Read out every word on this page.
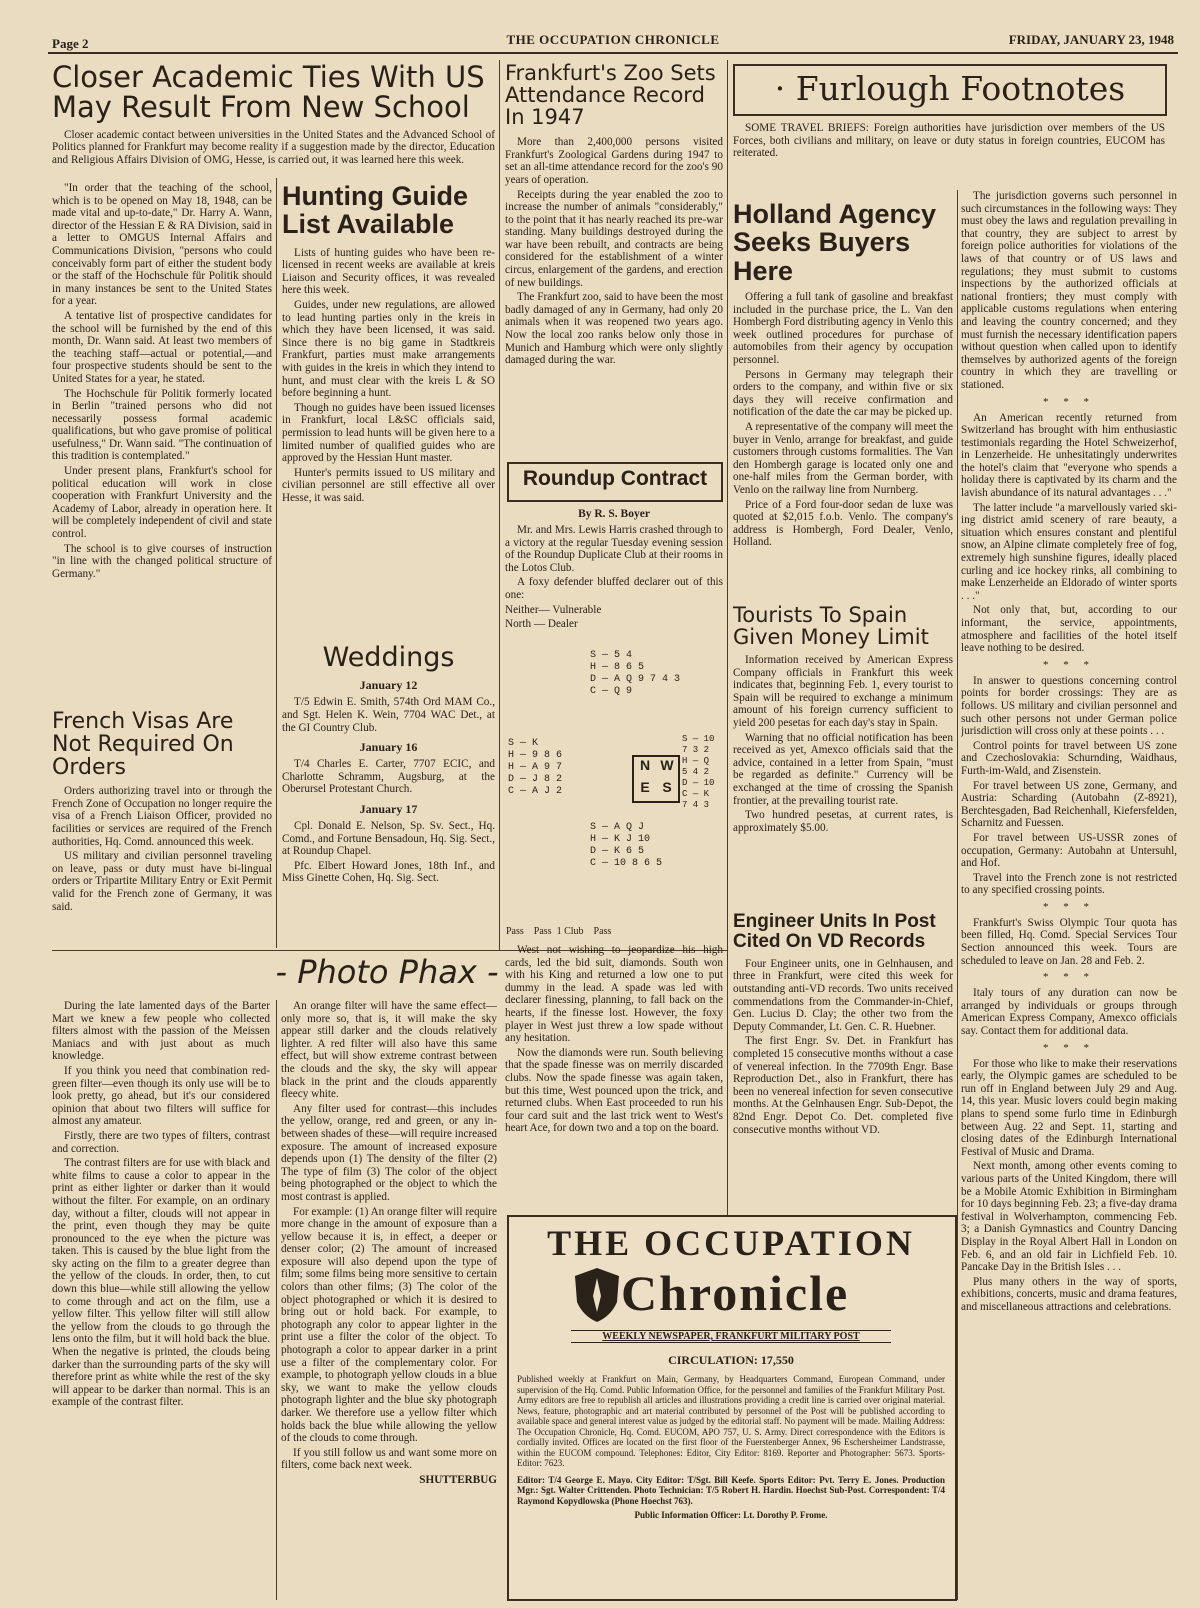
Page 2	THE OCCUPATION CHRONICLE	FRIDAY, JANUARY 23, 1948
Closer Academic Ties With US May Result From New School

Closer academic contact between universities in the United States and the Advanced School of Politics planned for Frankfurt may become reality if a suggestion made by the director, Education and Religious Affairs Division of OMG, Hesse, is carried out, it was learned here this week.

"In order that the teaching of the school, which is to be opened on May 18, 1948, can be made vital and up-to-date," Dr. Harry A. Wann, director of the Hessian E & RA Division, said in a letter to OMGUS Internal Affairs and Communications Division, "persons who could conceivably form part of either the student body or the staff of the Hochschule für Politik should in many instances be sent to the United States for a year.

A tentative list of prospective candidates for the school will be furnished by the end of this month, Dr. Wann said. At least two members of the teaching staff—actual or potential,—and four prospective students should be sent to the United States for a year, he stated.

The Hochschule für Politik formerly located in Berlin "trained persons who did not necessarily possess formal academic qualifications, but who gave promise of political usefulness," Dr. Wann said. "The continuation of this tradition is contemplated."

Under present plans, Frankfurt's school for political education will work in close cooperation with Frankfurt University and the Academy of Labor, already in operation here. It will be completely independent of civil and state control.

The school is to give courses of instruction "in line with the changed political structure of Germany."

Hunting Guide List Available

Lists of hunting guides who have been re-licensed in recent weeks are available at kreis Liaison and Security offices, it was revealed here this week.

Guides, under new regulations, are allowed to lead hunting parties only in the kreis in which they have been licensed, it was said. Since there is no big game in Stadtkreis Frankfurt, parties must make arrangements with guides in the kreis in which they intend to hunt, and must clear with the kreis L & SO before beginning a hunt.

Though no guides have been issued licenses in Frankfurt, local L&SC officials said, permission to lead hunts will be given here to a limited number of qualified guides who are approved by the Hessian Hunt master.

Hunter's permits issued to US military and civilian personnel are still effective all over Hesse, it was said.

French Visas Are Not Required On Orders

Orders authorizing travel into or through the French Zone of Occupation no longer require the visa of a French Liaison Officer, provided no facilities or services are required of the French authorities, Hq. Comd. announced this week.

US military and civilian personnel traveling on leave, pass or duty must have bi-lingual orders or Tripartite Military Entry or Exit Permit valid for the French zone of Germany, it was said.

Weddings
January 12

T/5 Edwin E. Smith, 574th Ord MAM Co., and Sgt. Helen K. Wein, 7704 WAC Det., at the GI Country Club.

January 16

T/4 Charles E. Carter, 7707 ECIC, and Charlotte Schramm, Augsburg, at the Oberursel Protestant Church.

January 17

Cpl. Donald E. Nelson, Sp. Sv. Sect., Hq. Comd., and Fortune Bensadoun, Hq. Sig. Sect., at Roundup Chapel.

Pfc. Elbert Howard Jones, 18th Inf., and Miss Ginette Cohen, Hq. Sig. Sect.

Frankfurt's Zoo Sets Attendance Record In 1947

More than 2,400,000 persons visited Frankfurt's Zoological Gardens during 1947 to set an all-time attendance record for the zoo's 90 years of operation.

Receipts during the year enabled the zoo to increase the number of animals "considerably," to the point that it has nearly reached its pre-war standing. Many buildings destroyed during the war have been rebuilt, and contracts are being considered for the establishment of a winter circus, enlargement of the gardens, and erection of new buildings.

The Frankfurt zoo, said to have been the most badly damaged of any in Germany, had only 20 animals when it was reopened two years ago. Now the local zoo ranks below only those in Munich and Hamburg which were only slightly damaged during the war.

Roundup Contract
By R. S. Boyer

Mr. and Mrs. Lewis Harris crashed through to a victory at the regular Tuesday evening session of the Roundup Duplicate Club at their rooms in the Lotos Club.

A foxy defender bluffed declarer out of this one:

Neither— Vulnerable

North — Dealer

S — 5 4
H — 8 6 5
D — A Q 9 7 4 3
C — Q 9
S — K
H — 9 8 6
H — A 9 7
D — J 8 2
C — A J 2
N W
E S
S — 10
7 3 2
H — Q
5 4 2
D — 10
C — K
7 4 3
S — A Q J
H — K J 10
D — K 6 5
C — 10 8 6 5

Pass    Pass  1 Club    Pass

West not wishing to jeopardize his high cards, led the bid suit, diamonds. South won with his King and returned a low one to put dummy in the lead. A spade was led with declarer finessing, planning, to fall back on the hearts, if the finesse lost. However, the foxy player in West just threw a low spade without any hesitation.

Now the diamonds were run. South believing that the spade finesse was on merrily discarded clubs. Now the spade finesse was again taken, but this time, West pounced upon the trick, and returned clubs. When East proceeded to run his four card suit and the last trick went to West's heart Ace, for down two and a top on the board.

· Furlough Footnotes

SOME TRAVEL BRIEFS: Foreign authorities have jurisdiction over members of the US Forces, both civilians and military, on leave or duty status in foreign countries, EUCOM has reiterated.

The jurisdiction governs such personnel in such circumstances in the following ways: They must obey the laws and regulation prevailing in that country, they are subject to arrest by foreign police authorities for violations of the laws of that country or of US laws and regulations; they must submit to customs inspections by the authorized officials at national frontiers; they must comply with applicable customs regulations when entering and leaving the country concerned; and they must furnish the necessary identification papers without question when called upon to identify themselves by authorized agents of the foreign country in which they are travelling or stationed.

* * *

An American recently returned from Switzerland has brought with him enthusiastic testimonials regarding the Hotel Schweizerhof, in Lenzerheide. He unhesitatingly underwrites the hotel's claim that "everyone who spends a holiday there is captivated by its charm and the lavish abundance of its natural advantages . . ."

The latter include "a marvellously varied ski-ing district amid scenery of rare beauty, a situation which ensures constant and plentiful snow, an Alpine climate completely free of fog, extremely high sunshine figures, ideally placed curling and ice hockey rinks, all combining to make Lenzerheide an Eldorado of winter sports . . ."

Not only that, but, according to our informant, the service, appointments, atmosphere and facilities of the hotel itself leave nothing to be desired.

* * *

In answer to questions concerning control points for border crossings: They are as follows. US military and civilian personnel and such other persons not under German police jurisdiction will cross only at these points . . .

Control points for travel between US zone and Czechoslovakia: Schurnding, Waidhaus, Furth-im-Wald, and Zisenstein.

For travel between US zone, Germany, and Austria: Scharding (Autobahn (Z-8921), Berchtesgaden, Bad Reichenhall, Kiefersfelden, Scharnitz and Fuessen.

For travel between US-USSR zones of occupation, Germany: Autobahn at Untersuhl, and Hof.

Travel into the French zone is not restricted to any specified crossing points.

* * *

Frankfurt's Swiss Olympic Tour quota has been filled, Hq. Comd. Special Services Tour Section announced this week. Tours are scheduled to leave on Jan. 28 and Feb. 2.

* * *

Italy tours of any duration can now be arranged by individuals or groups through American Express Company, Amexco officials say. Contact them for additional data.

* * *

For those who like to make their reservations early, the Olympic games are scheduled to be run off in England between July 29 and Aug. 14, this year. Music lovers could begin making plans to spend some furlo time in Edinburgh between Aug. 22 and Sept. 11, starting and closing dates of the Edinburgh International Festival of Music and Drama.

Next month, among other events coming to various parts of the United Kingdom, there will be a Mobile Atomic Exhibition in Birmingham for 10 days beginning Feb. 23; a five-day drama festival in Wolverhampton, commencing Feb. 3; a Danish Gymnastics and Country Dancing Display in the Royal Albert Hall in London on Feb. 6, and an old fair in Lichfield Feb. 10. Pancake Day in the British Isles . . .

Plus many others in the way of sports, exhibitions, concerts, music and drama features, and miscellaneous attractions and celebrations.

Holland Agency Seeks Buyers Here

Offering a full tank of gasoline and breakfast included in the purchase price, the L. Van den Hombergh Ford distributing agency in Venlo this week outlined procedures for purchase of automobiles from their agency by occupation personnel.

Persons in Germany may telegraph their orders to the company, and within five or six days they will receive confirmation and notification of the date the car may be picked up.

A representative of the company will meet the buyer in Venlo, arrange for breakfast, and guide customers through customs formalities. The Van den Hombergh garage is located only one and one-half miles from the German border, with Venlo on the railway line from Nurnberg.

Price of a Ford four-door sedan de luxe was quoted at $2,015 f.o.b. Venlo. The company's address is Hombergh, Ford Dealer, Venlo, Holland.

Tourists To Spain Given Money Limit

Information received by American Express Company officials in Frankfurt this week indicates that, beginning Feb. 1, every tourist to Spain will be required to exchange a minimum amount of his foreign currency sufficient to yield 200 pesetas for each day's stay in Spain.

Warning that no official notification has been received as yet, Amexco officials said that the advice, contained in a letter from Spain, "must be regarded as definite." Currency will be exchanged at the time of crossing the Spanish frontier, at the prevailing tourist rate.

Two hundred pesetas, at current rates, is approximately $5.00.

Engineer Units In Post Cited On VD Records

Four Engineer units, one in Gelnhausen, and three in Frankfurt, were cited this week for outstanding anti-VD records. Two units received commendations from the Commander-in-Chief, Gen. Lucius D. Clay; the other two from the Deputy Commander, Lt. Gen. C. R. Huebner.

The first Engr. Sv. Det. in Frankfurt has completed 15 consecutive months without a case of venereal infection. In the 7709th Engr. Base Reproduction Det., also in Frankfurt, there has been no venereal infection for seven consecutive months. At the Gelnhausen Engr. Sub-Depot, the 82nd Engr. Depot Co. Det. completed five consecutive months without VD.

- Photo Phax -

During the late lamented days of the Barter Mart we knew a few people who collected filters almost with the passion of the Meissen Maniacs and with just about as much knowledge.

If you think you need that combination red-green filter—even though its only use will be to look pretty, go ahead, but it's our considered opinion that about two filters will suffice for almost any amateur.

Firstly, there are two types of filters, contrast and correction.

The contrast filters are for use with black and white films to cause a color to appear in the print as either lighter or darker than it would without the filter. For example, on an ordinary day, without a filter, clouds will not appear in the print, even though they may be quite pronounced to the eye when the picture was taken. This is caused by the blue light from the sky acting on the film to a greater degree than the yellow of the clouds. In order, then, to cut down this blue—while still allowing the yellow to come through and act on the film, use a yellow filter. This yellow filter will still allow the yellow from the clouds to go through the lens onto the film, but it will hold back the blue. When the negative is printed, the clouds being darker than the surrounding parts of the sky will therefore print as white while the rest of the sky will appear to be darker than normal. This is an example of the contrast filter.

An orange filter will have the same effect—only more so, that is, it will make the sky appear still darker and the clouds relatively lighter. A red filter will also have this same effect, but will show extreme contrast between the clouds and the sky, the sky will appear black in the print and the clouds apparently fleecy white.

Any filter used for contrast—this includes the yellow, orange, red and green, or any in-between shades of these—will require increased exposure. The amount of increased exposure depends upon (1) The density of the filter (2) The type of film (3) The color of the object being photographed or the object to which the most contrast is applied.

For example: (1) An orange filter will require more change in the amount of exposure than a yellow because it is, in effect, a deeper or denser color; (2) The amount of increased exposure will also depend upon the type of film; some films being more sensitive to certain colors than other films; (3) The color of the object photographed or which it is desired to bring out or hold back. For example, to photograph any color to appear lighter in the print use a filter the color of the object. To photograph a color to appear darker in a print use a filter of the complementary color. For example, to photograph yellow clouds in a blue sky, we want to make the yellow clouds photograph lighter and the blue sky photograph darker. We therefore use a yellow filter which holds back the blue while allowing the yellow of the clouds to come through.

If you still follow us and want some more on filters, come back next week.

SHUTTERBUG

THE OCCUPATION
Chronicle
WEEKLY NEWSPAPER, FRANKFURT MILITARY POST
CIRCULATION: 17,550

Published weekly at Frankfurt on Main, Germany, by Headquarters Command, European Command, under supervision of the Hq. Comd. Public Information Office, for the personnel and families of the Frankfurt Military Post. Army editors are free to republish all articles and illustrations providing a credit line is carried over original material. News, feature, photographic and art material contributed by personnel of the Post will be published according to available space and general interest value as judged by the editorial staff. No payment will be made. Mailing Address: The Occupation Chronicle, Hq. Comd. EUCOM, APO 757, U. S. Army. Direct correspondence with the Editors is cordially invited. Offices are located on the first floor of the Fuerstenberger Annex, 96 Eschersheimer Landstrasse, within the EUCOM compound. Telephones: Editor, City Editor: 8169. Reporter and Photographer: 5673. Sports-Editor: 7623.

Editor: T/4 George E. Mayo. City Editor: T/Sgt. Bill Keefe. Sports Editor: Pvt. Terry E. Jones. Production Mgr.: Sgt. Walter Crittenden. Photo Technician: T/5 Robert H. Hardin. Hoechst Sub-Post. Correspondent: T/4 Raymond Kopydlowska (Phone Hoechst 763).

Public Information Officer: Lt. Dorothy P. Frome.
